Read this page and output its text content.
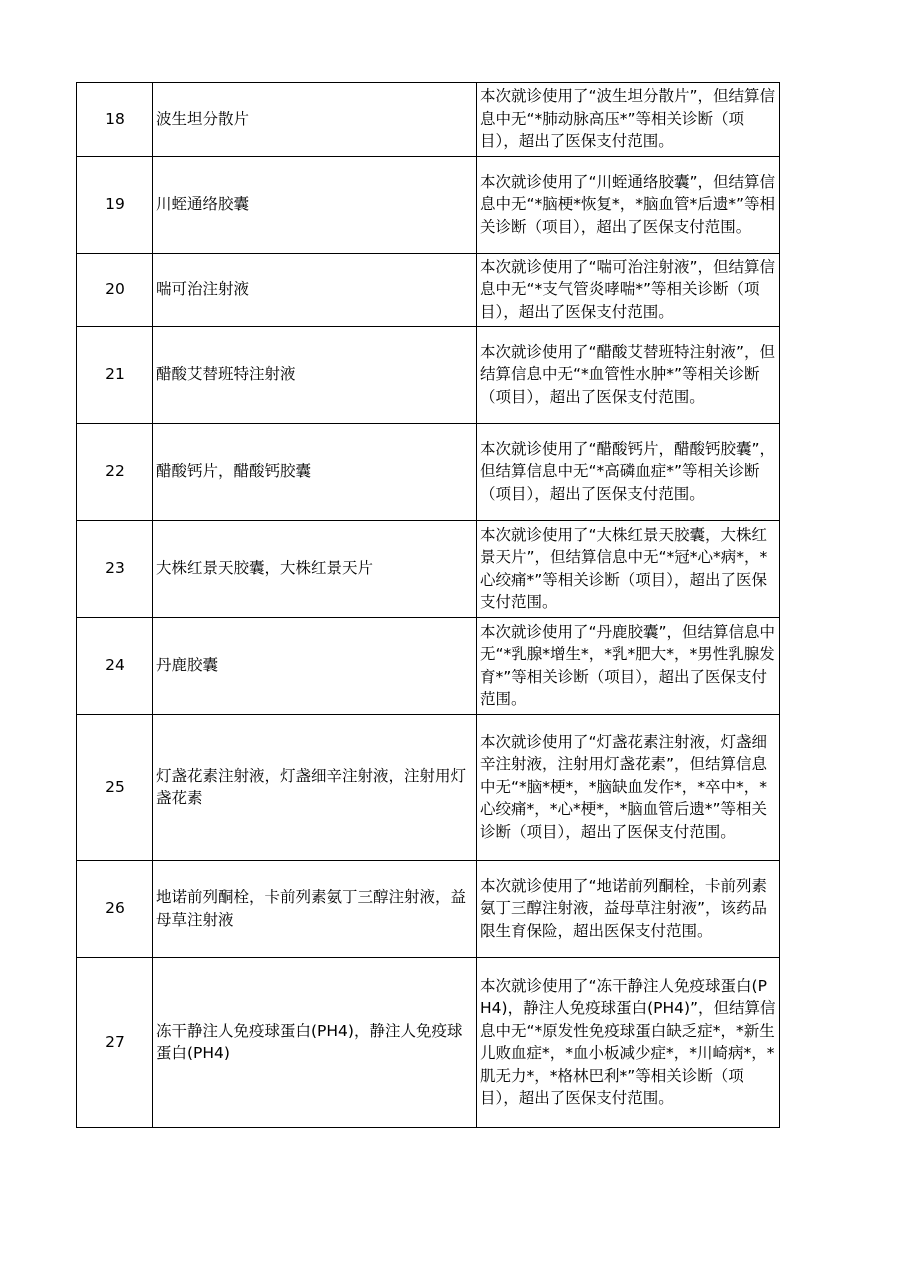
18	波生坦分散片	本次就诊使用了“波生坦分散片”，但结算信息中无“*肺动脉高压*”等相关诊断（项目），超出了医保支付范围。
19	川蛭通络胶囊	本次就诊使用了“川蛭通络胶囊”，但结算信息中无“*脑梗*恢复*，*脑血管*后遗*”等相关诊断（项目），超出了医保支付范围。
20	喘可治注射液	本次就诊使用了“喘可治注射液”，但结算信息中无“*支气管炎哮喘*”等相关诊断（项目），超出了医保支付范围。
21	醋酸艾替班特注射液	本次就诊使用了“醋酸艾替班特注射液”，但结算信息中无“*血管性水肿*”等相关诊断（项目），超出了医保支付范围。
22	醋酸钙片，醋酸钙胶囊	本次就诊使用了“醋酸钙片，醋酸钙胶囊”，但结算信息中无“*高磷血症*”等相关诊断（项目），超出了医保支付范围。
23	大株红景天胶囊，大株红景天片	本次就诊使用了“大株红景天胶囊，大株红景天片”，但结算信息中无“*冠*心*病*，*心绞痛*”等相关诊断（项目），超出了医保支付范围。
24	丹鹿胶囊	本次就诊使用了“丹鹿胶囊”，但结算信息中无“*乳腺*增生*，*乳*肥大*，*男性乳腺发育*”等相关诊断（项目），超出了医保支付范围。
25	灯盏花素注射液，灯盏细辛注射液，注射用灯盏花素	本次就诊使用了“灯盏花素注射液，灯盏细辛注射液，注射用灯盏花素”，但结算信息中无“*脑*梗*，*脑缺血发作*，*卒中*，*心绞痛*，*心*梗*，*脑血管后遗*”等相关诊断（项目），超出了医保支付范围。
26	地诺前列酮栓，卡前列素氨丁三醇注射液，益母草注射液	本次就诊使用了“地诺前列酮栓，卡前列素氨丁三醇注射液，益母草注射液”，该药品限生育保险，超出医保支付范围。
27	冻干静注人免疫球蛋白(PH4)，静注人免疫球蛋白(PH4)	本次就诊使用了“冻干静注人免疫球蛋白(PH4)，静注人免疫球蛋白(PH4)”，但结算信息中无“*原发性免疫球蛋白缺乏症*，*新生儿败血症*，*血小板减少症*，*川崎病*，*肌无力*，*格林巴利*”等相关诊断（项目），超出了医保支付范围。
